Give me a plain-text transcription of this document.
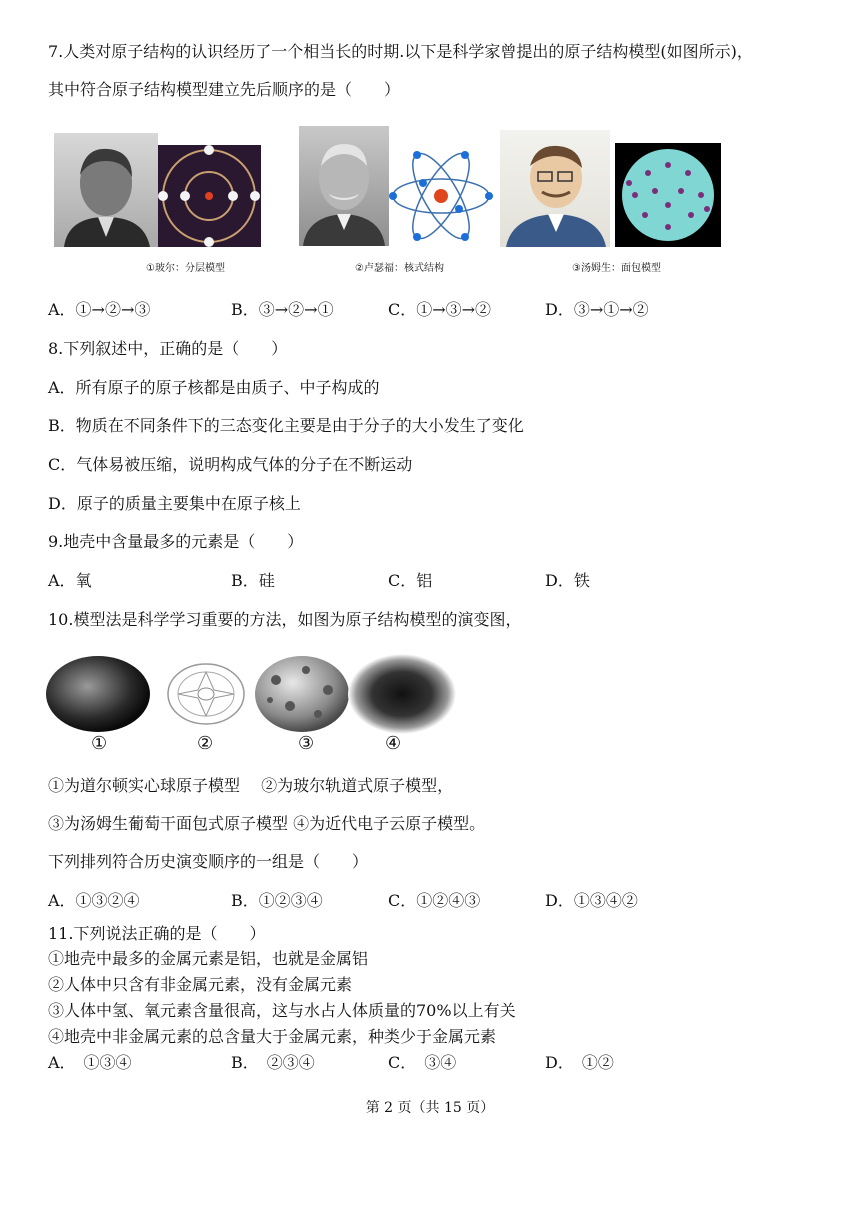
7.人类对原子结构的认识经历了一个相当长的时期.以下是科学家曾提出的原子结构模型(如图所示)，
其中符合原子结构模型建立先后顺序的是（　　）
①玻尔：分层模型	②卢瑟福：核式结构	③汤姆生：面包模型
A．①→②→③	B．③→②→①	C．①→③→②	D．③→①→②
8.下列叙述中，正确的是（　　）
A．所有原子的原子核都是由质子、中子构成的
B．物质在不同条件下的三态变化主要是由于分子的大小发生了变化
C．气体易被压缩，说明构成气体的分子在不断运动
D．原子的质量主要集中在原子核上
9.地壳中含量最多的元素是（　　）
A．氧	B．硅	C．铝	D．铁
10.模型法是科学学习重要的方法，如图为原子结构模型的演变图，
①	②	③	④
①为道尔顿实心球原子模型　 ②为玻尔轨道式原子模型，
③为汤姆生葡萄干面包式原子模型 ④为近代电子云原子模型。
下列排列符合历史演变顺序的一组是（　　）
A．①③②④	B．①②③④	C．①②④③	D．①③④②
11.下列说法正确的是（　　）
①地壳中最多的金属元素是铝，也就是金属铝
②人体中只含有非金属元素，没有金属元素
③人体中氢、氧元素含量很高，这与水占人体质量的70%以上有关
④地壳中非金属元素的总含量大于金属元素，种类少于金属元素
A．　①③④	B．　②③④	C．　③④	D．　①②
第 2 页（共 15 页）
